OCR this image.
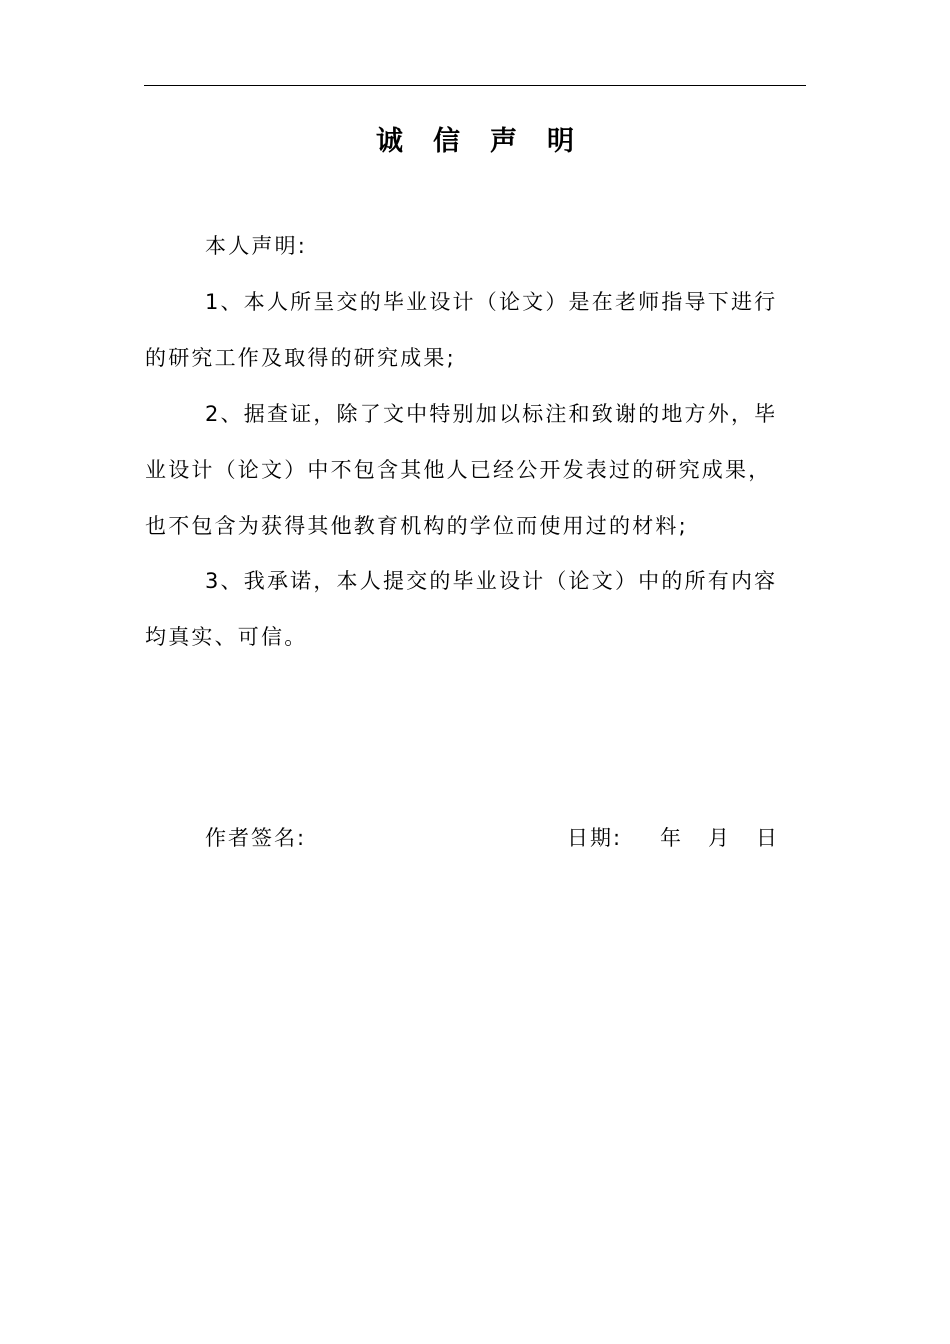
诚信声明
本人声明:
1、本人所呈交的毕业设计（论文）是在老师指导下进行
的研究工作及取得的研究成果;
2、据查证，除了文中特别加以标注和致谢的地方外，毕
业设计（论文）中不包含其他人已经公开发表过的研究成果，
也不包含为获得其他教育机构的学位而使用过的材料;
3、我承诺，本人提交的毕业设计（论文）中的所有内容
均真实、可信。
作者签名:	日期: 年 月 日
